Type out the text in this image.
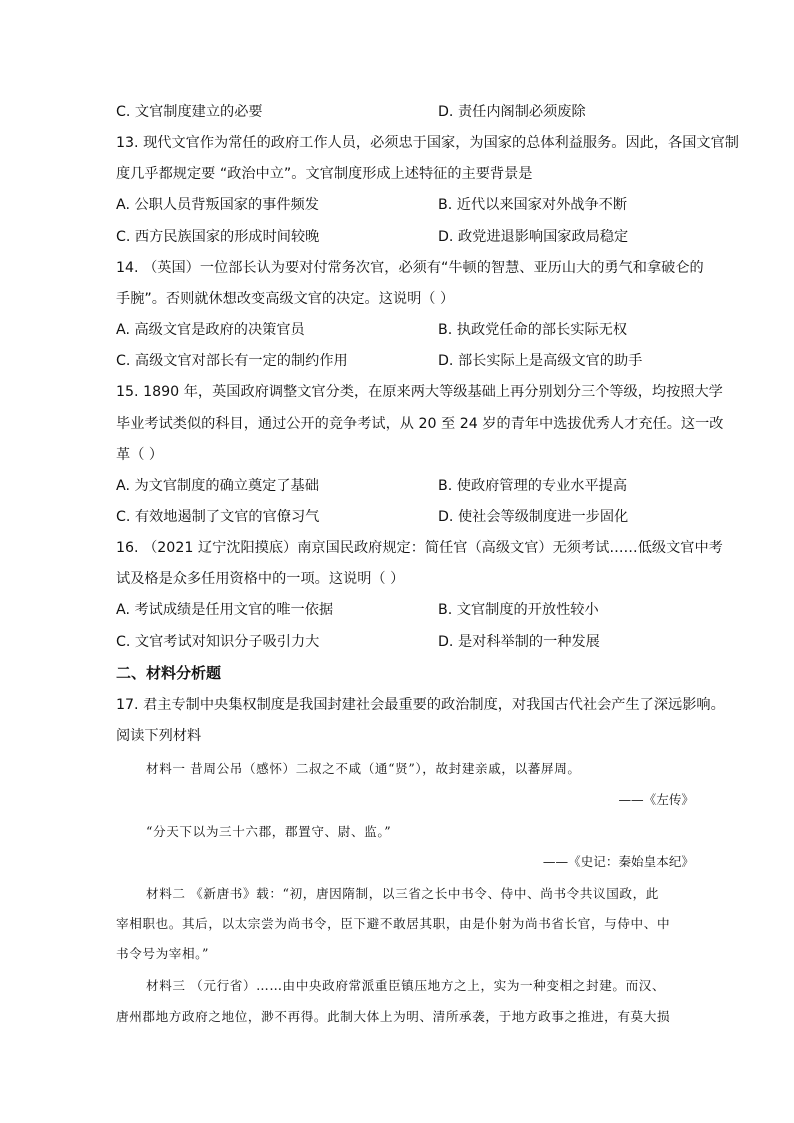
C. 文官制度建立的必要	D. 责任内阁制必须废除
13. 现代文官作为常任的政府工作人员，必须忠于国家，为国家的总体利益服务。因此，各国文官制
度几乎都规定要 “政治中立”。文官制度形成上述特征的主要背景是
A. 公职人员背叛国家的事件频发	B. 近代以来国家对外战争不断
C. 西方民族国家的形成时间较晚	D. 政党进退影响国家政局稳定
14. （英国）一位部长认为要对付常务次官，必须有“牛顿的智慧、亚历山大的勇气和拿破仑的
手腕”。否则就休想改变高级文官的决定。这说明（ ）
A. 高级文官是政府的决策官员	B. 执政党任命的部长实际无权
C. 高级文官对部长有一定的制约作用	D. 部长实际上是高级文官的助手
15. 1890 年，英国政府调整文官分类，在原来两大等级基础上再分别划分三个等级，均按照大学
毕业考试类似的科目，通过公开的竞争考试，从 20 至 24 岁的青年中选拔优秀人才充任。这一改
革（ ）
A. 为文官制度的确立奠定了基础	B. 使政府管理的专业水平提高
C. 有效地遏制了文官的官僚习气	D. 使社会等级制度进一步固化
16. （2021 辽宁沈阳摸底）南京国民政府规定：简任官（高级文官）无须考试……低级文官中考
试及格是众多任用资格中的一项。这说明（ ）
A. 考试成绩是任用文官的唯一依据	B. 文官制度的开放性较小
C. 文官考试对知识分子吸引力大	D. 是对科举制的一种发展
二、材料分析题
17. 君主专制中央集权制度是我国封建社会最重要的政治制度，对我国古代社会产生了深远影响。
阅读下列材料
材料一 昔周公吊（感怀）二叔之不咸（通“贤”），故封建亲戚，以蕃屏周。
——《左传》
“分天下以为三十六郡，郡置守、尉、监。”
——《史记：秦始皇本纪》
材料二 《新唐书》载：“初，唐因隋制，以三省之长中书令、侍中、尚书令共议国政，此
宰相职也。其后，以太宗尝为尚书令，臣下避不敢居其职，由是仆射为尚书省长官，与侍中、中
书令号为宰相。”
材料三 （元行省）……由中央政府常派重臣镇压地方之上，实为一种变相之封建。而汉、
唐州郡地方政府之地位，渺不再得。此制大体上为明、清所承袭，于地方政事之推进，有莫大损
